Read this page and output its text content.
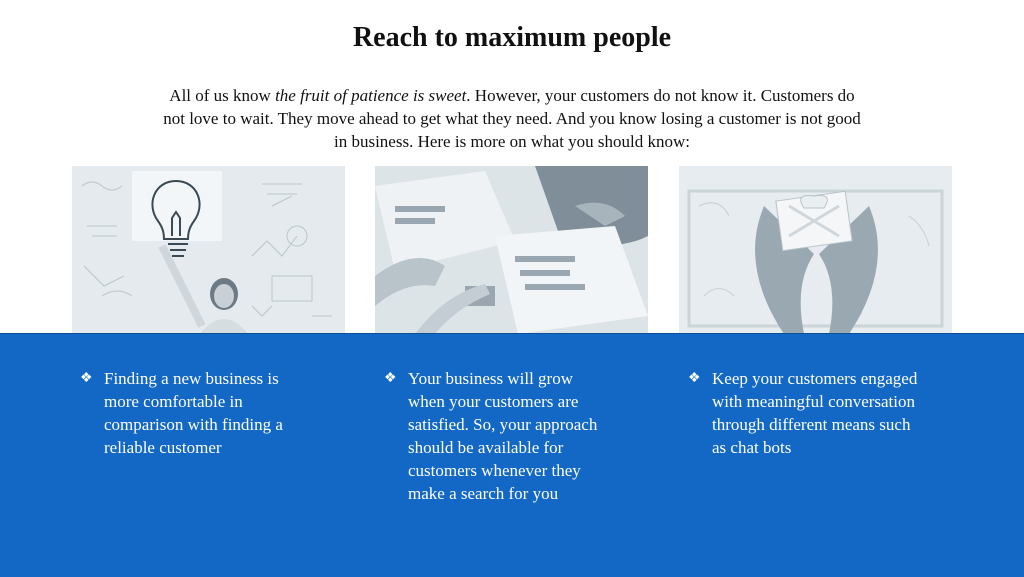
Reach to maximum people
All of us know the fruit of patience is sweet. However, your customers do not know it. Customers do not love to wait. They move ahead to get what they need. And you know losing a customer is not good in business. Here is more on what you should know:
❖ Finding a new business is more comfortable in comparison with finding a reliable customer
❖ Your business will grow when your customers are satisfied. So, your approach should be available for customers whenever they make a search for you
❖ Keep your customers engaged with meaningful conversation through different means such as chat bots
